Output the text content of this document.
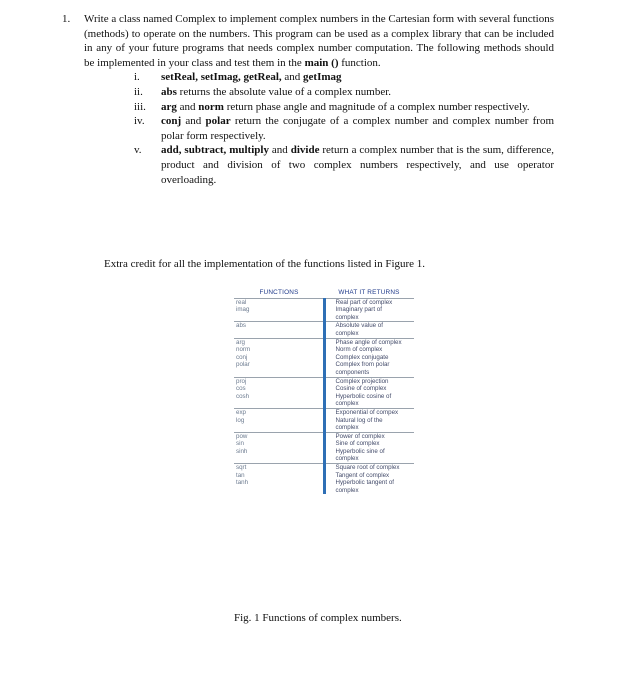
1. Write a class named Complex to implement complex numbers in the Cartesian form with several functions (methods) to operate on the numbers. This program can be used as a complex library that can be included in any of your future programs that needs complex number computation. The following methods should be implemented in your class and test them in the main () function.

i.	setReal, setImag, getReal, and getImag
ii.	abs returns the absolute value of a complex number.
iii.	arg and norm return phase angle and magnitude of a complex number respectively.
iv.	conj and polar return the conjugate of a complex number and complex number from polar form respectively.
v.	add, subtract, multiply and divide return a complex number that is the sum, difference, product and division of two complex numbers respectively, and use operator overloading.
Extra credit for all the implementation of the functions listed in Figure 1.
FUNCTIONS	WHAT IT RETURNS
real	Real part of complex
imag	Imaginary part of
	complex
abs	Absolute value of
	complex
arg	Phase angle of complex
norm	Norm of complex
conj	Complex conjugate
polar	Complex from polar
	components
proj	Complex projection
cos	Cosine of complex
cosh	Hyperbolic cosine of
	complex
exp	Exponential of compex
log	Natural log of the
	complex
pow	Power of complex
sin	Sine of complex
sinh	Hyperbolic sine of
	complex
sqrt	Square root of complex
tan	Tangent of complex
tanh	Hyperbolic tangent of
	complex
Fig. 1 Functions of complex numbers.
